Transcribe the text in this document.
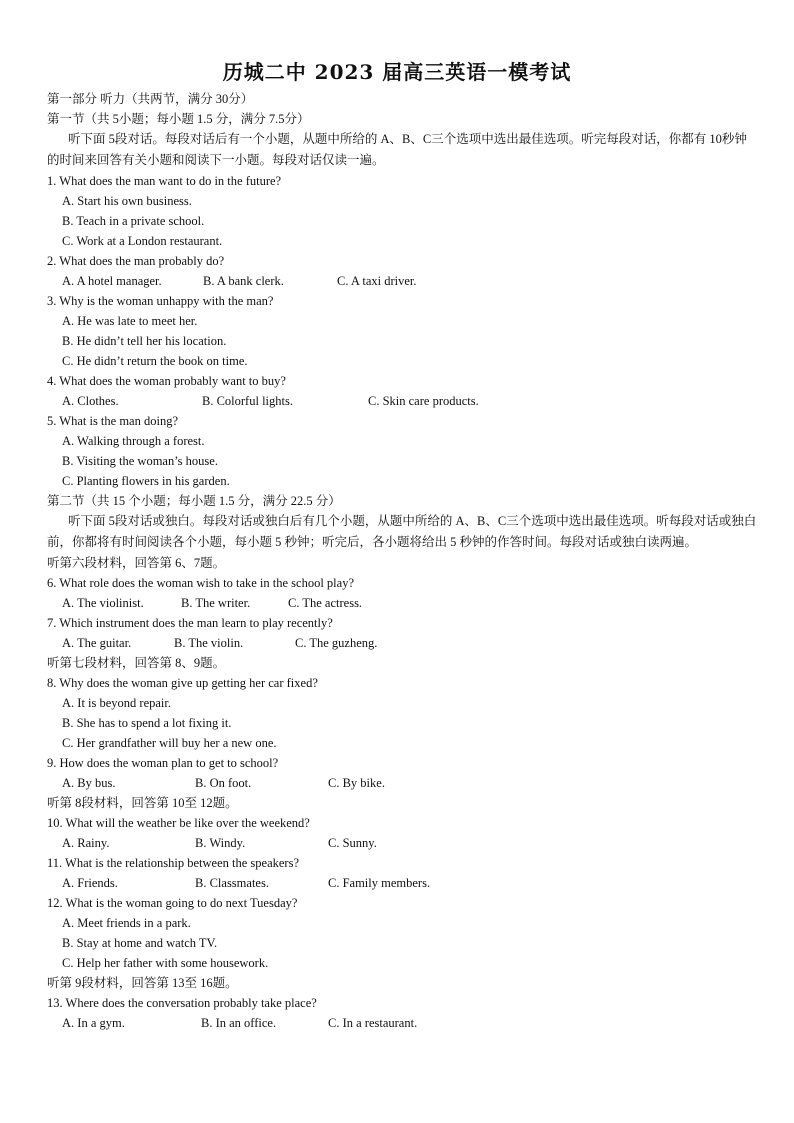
历城二中 2023 届高三英语一模考试
第一部分 听力（共两节，满分 30分）
第一节（共 5小题；每小题 1.5 分，满分 7.5分）
听下面 5段对话。每段对话后有一个小题，从题中所给的 A、B、C三个选项中选出最佳选项。听完每段对话，你都有 10秒钟的时间来回答有关小题和阅读下一小题。每段对话仅读一遍。
1. What does the man want to do in the future?
A. Start his own business.
B. Teach in a private school.
C. Work at a London restaurant.
2. What does the man probably do?
A. A hotel manager.	B. A bank clerk.	C. A taxi driver.
3. Why is the woman unhappy with the man?
A. He was late to meet her.
B. He didn’t tell her his location.
C. He didn’t return the book on time.
4. What does the woman probably want to buy?
A. Clothes.	B. Colorful lights.	C. Skin care products.
5. What is the man doing?
A. Walking through a forest.
B. Visiting the woman’s house.
C. Planting flowers in his garden.
第二节（共 15 个小题；每小题 1.5 分，满分 22.5 分）
听下面 5段对话或独白。每段对话或独白后有几个小题，从题中所给的 A、B、C三个选项中选出最佳选项。听每段对话或独白前，你都将有时间阅读各个小题，每小题 5 秒钟；听完后，各小题将给出 5 秒钟的作答时间。每段对话或独白读两遍。
听第六段材料，回答第 6、7题。
6. What role does the woman wish to take in the school play?
A. The violinist.	B. The writer.	C. The actress.
7. Which instrument does the man learn to play recently?
A. The guitar.	B. The violin.	C. The guzheng.
听第七段材料，回答第 8、9题。
8. Why does the woman give up getting her car fixed?
A. It is beyond repair.
B. She has to spend a lot fixing it.
C. Her grandfather will buy her a new one.
9. How does the woman plan to get to school?
A. By bus.	B. On foot.	C. By bike.
听第 8段材料，回答第 10至 12题。
10. What will the weather be like over the weekend?
A. Rainy.	B. Windy.	C. Sunny.
11. What is the relationship between the speakers?
A. Friends.	B. Classmates.	C. Family members.
12. What is the woman going to do next Tuesday?
A. Meet friends in a park.
B. Stay at home and watch TV.
C. Help her father with some housework.
听第 9段材料，回答第 13至 16题。
13. Where does the conversation probably take place?
A. In a gym.	B. In an office.	C. In a restaurant.
